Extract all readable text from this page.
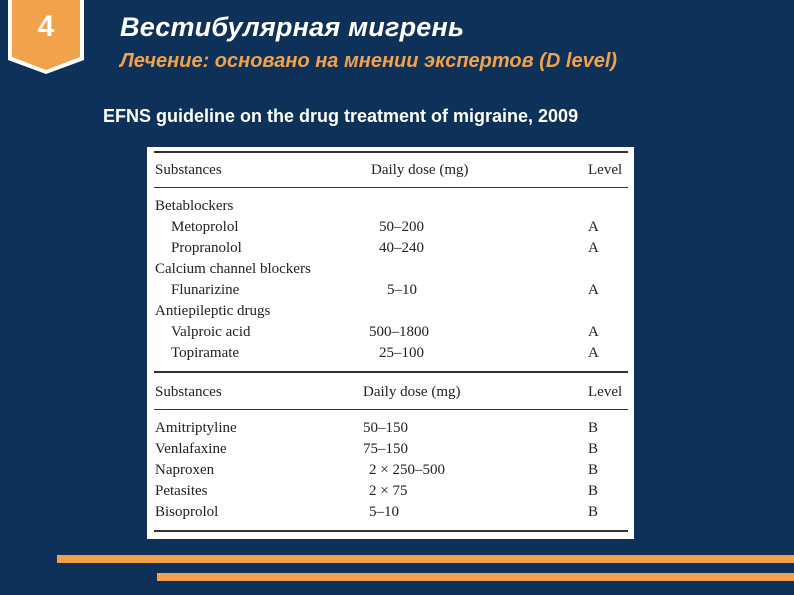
4	Вестибулярная мигрень
Лечение: основано на мнении экспертов (D level)
EFNS guideline on the drug treatment of migraine, 2009
Substances	Daily dose (mg)	Level
Betablockers
Metoprolol	50–200	A
Propranolol	40–240	A
Calcium channel blockers
Flunarizine	5–10	A
Antiepileptic drugs
Valproic acid	500–1800	A
Topiramate	25–100	A
Substances	Daily dose (mg)	Level
Amitriptyline	50–150	B
Venlafaxine	75–150	B
Naproxen	2 × 250–500	B
Petasites	2 × 75	B
Bisoprolol	5–10	B
